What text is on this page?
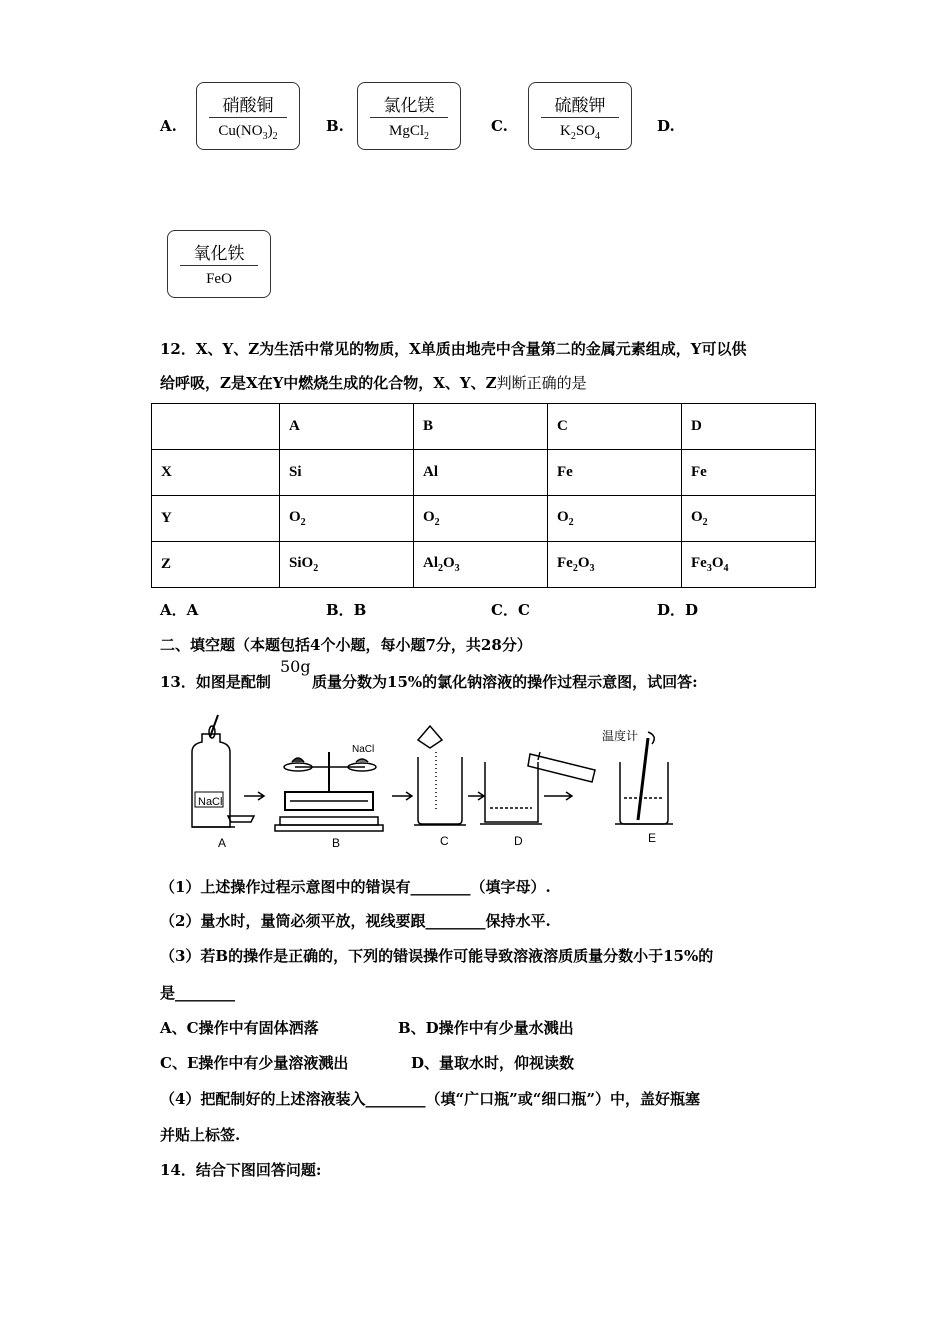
A.
硝酸铜
$Cu(NO_3)_2$
B.
氯化镁
MgCl$_2$
C.
硫酸钾
$K_2SO_4$
D.
氧化铁
FeO
12．X、Y、Z为生活中常见的物质，X单质由地壳中含量第二的金属元素组成，Y可以供
给呼吸，Z是X在Y中燃烧生成的化合物，X、Y、Z判断正确的是
	A	B	C	D
X	Si	Al	Fe	Fe
Y	$O_2$	$O_2$	$O_2$	$O_2$
Z	SiO$_2$	$Al_2O_3$	$Fe_2O_3$	$Fe_3O_4$
A．A	B．B	C．C	D．D
二、填空题（本题包括4个小题，每小题7分，共28分）
13．如图是配制
50g
质量分数为15%的氯化钠溶液的操作过程示意图，试回答:
NaCl
NaCl
温度计
A	B	C	D	E
（1）上述操作过程示意图中的错误有________（填字母）.
（2）量水时，量筒必须平放，视线要跟________保持水平.
（3）若B的操作是正确的，下列的错误操作可能导致溶液溶质质量分数小于15%的
是________
A、C操作中有固体洒落	B、D操作中有少量水溅出
C、E操作中有少量溶液溅出	D、量取水时，仰视读数
（4）把配制好的上述溶液装入________（填“广口瓶”或“细口瓶”）中，盖好瓶塞
并贴上标签.
14．结合下图回答问题:
